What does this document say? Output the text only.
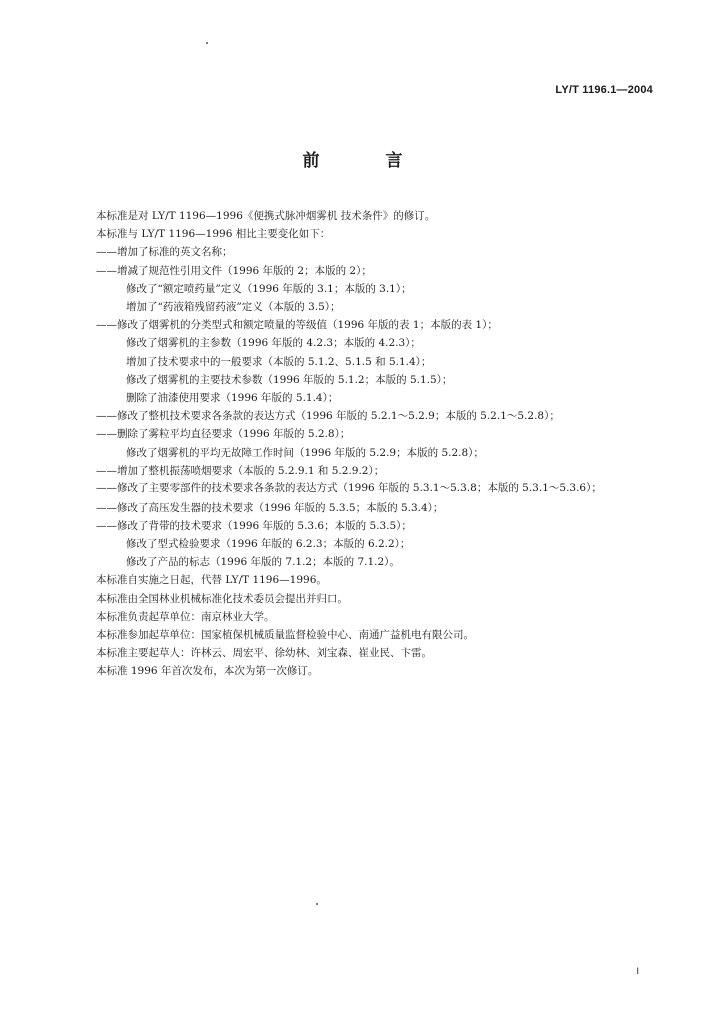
LY/T 1196.1—2004
前 言
本标准是对 LY/T 1196—1996《便携式脉冲烟雾机 技术条件》的修订。
本标准与 LY/T 1196—1996 相比主要变化如下：
——增加了标准的英文名称；
——增减了规范性引用文件（1996 年版的 2；本版的 2）；
修改了“额定喷药量”定义（1996 年版的 3.1；本版的 3.1）；
增加了“药液箱残留药液”定义（本版的 3.5）；
——修改了烟雾机的分类型式和额定喷量的等级值（1996 年版的表 1；本版的表 1）；
修改了烟雾机的主参数（1996 年版的 4.2.3；本版的 4.2.3）；
增加了技术要求中的一般要求（本版的 5.1.2、5.1.5 和 5.1.4）；
修改了烟雾机的主要技术参数（1996 年版的 5.1.2；本版的 5.1.5）；
删除了油漆使用要求（1996 年版的 5.1.4）；
——修改了整机技术要求各条款的表达方式（1996 年版的 5.2.1～5.2.9；本版的 5.2.1～5.2.8）；
——删除了雾粒平均直径要求（1996 年版的 5.2.8）；
修改了烟雾机的平均无故障工作时间（1996 年版的 5.2.9；本版的 5.2.8）；
——增加了整机振荡喷烟要求（本版的 5.2.9.1 和 5.2.9.2）；
——修改了主要零部件的技术要求各条款的表达方式（1996 年版的 5.3.1～5.3.8；本版的 5.3.1～5.3.6）；
——修改了高压发生器的技术要求（1996 年版的 5.3.5；本版的 5.3.4）；
——修改了背带的技术要求（1996 年版的 5.3.6；本版的 5.3.5）；
修改了型式检验要求（1996 年版的 6.2.3；本版的 6.2.2）；
修改了产品的标志（1996 年版的 7.1.2；本版的 7.1.2）。
本标准自实施之日起，代替 LY/T 1196—1996。
本标准由全国林业机械标准化技术委员会提出并归口。
本标准负责起草单位：南京林业大学。
本标准参加起草单位：国家植保机械质量监督检验中心、南通广益机电有限公司。
本标准主要起草人：许林云、周宏平、徐幼林、刘宝森、崔业民、卞雷。
本标准 1996 年首次发布，本次为第一次修订。
I
